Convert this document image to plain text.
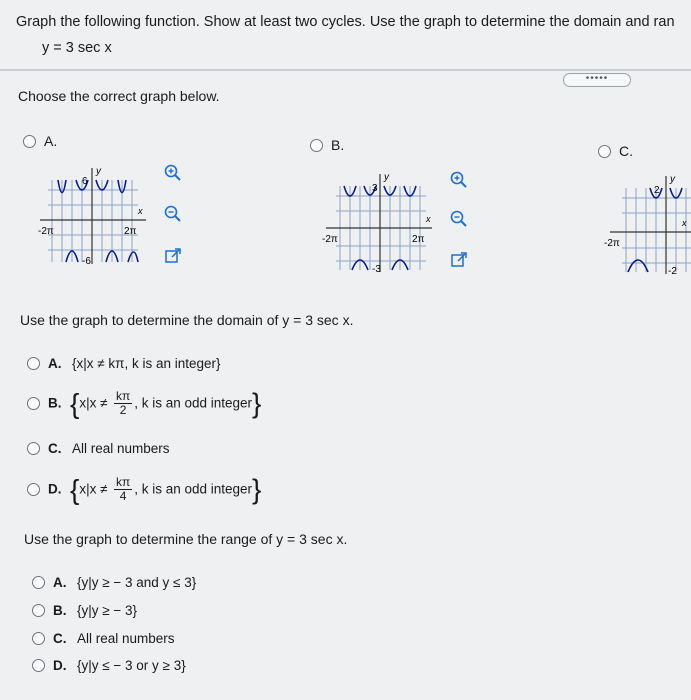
Graph the following function. Show at least two cycles. Use the graph to determine the domain and ran
y = 3 sec x
•••••
Choose the correct graph below.
A.
y
6
-6
x
-2π	2π
B.
y
3
-3
x
-2π	2π
C.
y
2
-2
-2π
x
Use the graph to determine the domain of y = 3 sec x.
A. {x|x ≠ kπ, k is an integer}
B. {$x|x \ne \frac{k\pi}{2}$ , k is an odd integer}
C. All real numbers
D. {$x|x \ne \frac{k\pi}{4}$ , k is an odd integer}
Use the graph to determine the range of y = 3 sec x.
A. {y|y ≥ − 3 and y ≤ 3}
B. {y|y ≥ − 3}
C. All real numbers
D. {y|y ≤ − 3 or y ≥ 3}
